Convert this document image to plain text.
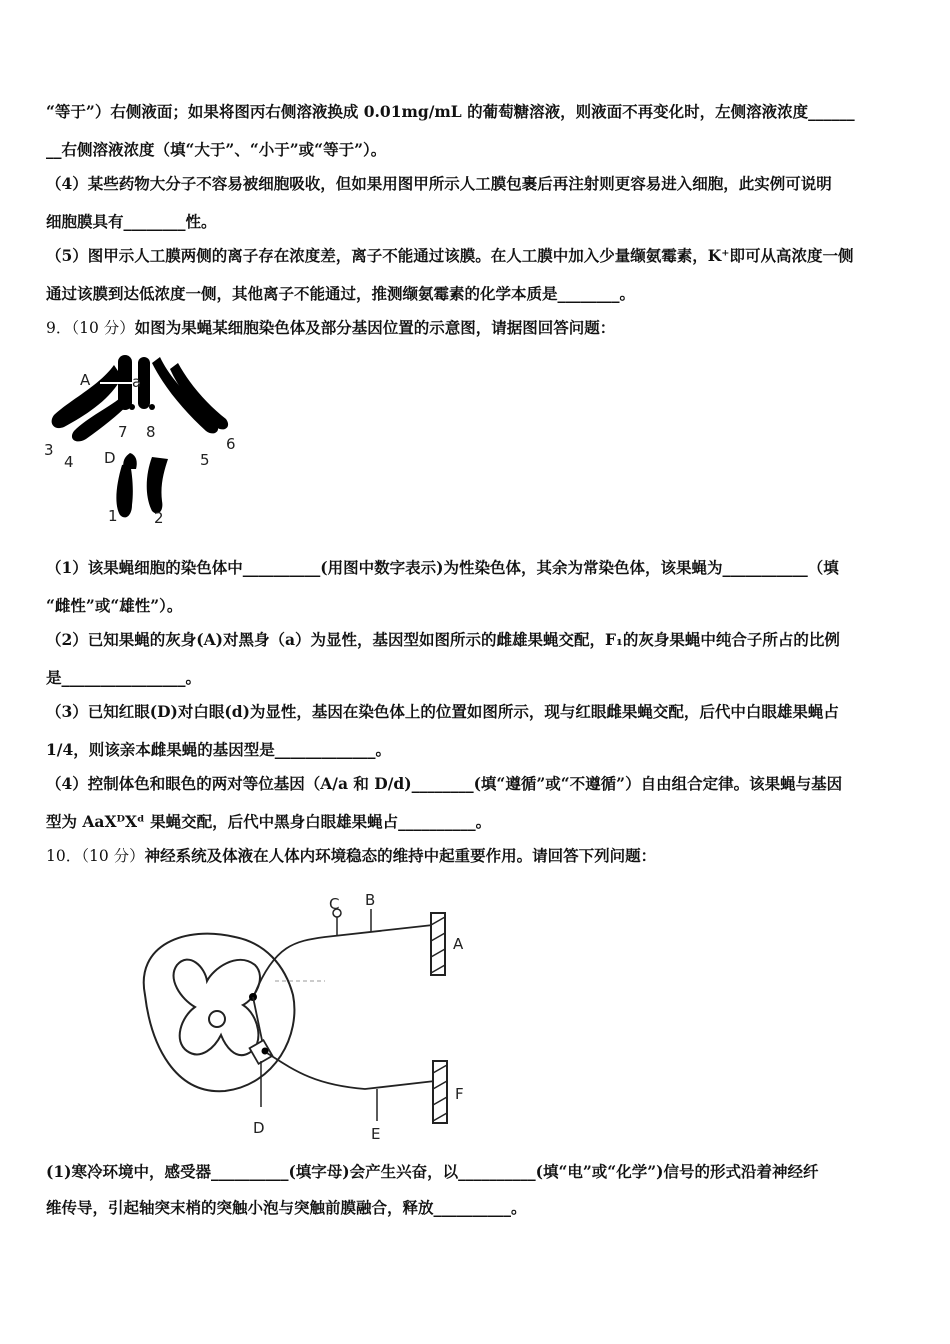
“等于”）右侧液面；如果将图丙右侧溶液换成 0.01mg/mL 的葡萄糖溶液，则液面不再变化时，左侧溶液浓度______
__右侧溶液浓度（填“大于”、“小于”或“等于”）。
（4）某些药物大分子不容易被细胞吸收，但如果用图甲所示人工膜包裹后再注射则更容易进入细胞，此实例可说明
细胞膜具有________性。
（5）图甲示人工膜两侧的离子存在浓度差，离子不能通过该膜。在人工膜中加入少量缬氨霉素，K⁺即可从高浓度一侧
通过该膜到达低浓度一侧，其他离子不能通过，推测缬氨霉素的化学本质是________。
9．（10 分）如图为果蝇某细胞染色体及部分基因位置的示意图，请据图回答问题：
A	a
7 8
3
4 D	5
6
1 2
（1）该果蝇细胞的染色体中__________(用图中数字表示)为性染色体，其余为常染色体，该果蝇为___________（填
“雌性”或“雄性”）。
（2）已知果蝇的灰身(A)对黑身（a）为显性，基因型如图所示的雌雄果蝇交配，F₁的灰身果蝇中纯合子所占的比例
是________________。
（3）已知红眼(D)对白眼(d)为显性，基因在染色体上的位置如图所示，现与红眼雌果蝇交配，后代中白眼雄果蝇占
1/4，则该亲本雌果蝇的基因型是_____________。
（4）控制体色和眼色的两对等位基因（A/a 和 D/d)________(填“遵循”或“不遵循”）自由组合定律。该果蝇与基因
型为 AaXᴰXᵈ 果蝇交配，后代中黑身白眼雄果蝇占__________。
10．（10 分）神经系统及体液在人体内环境稳态的维持中起重要作用。请回答下列问题：
C B
A
F
D	E
(1)寒冷环境中，感受器__________(填字母)会产生兴奋，以__________(填“电”或“化学”)信号的形式沿着神经纤
维传导，引起轴突末梢的突触小泡与突触前膜融合，释放__________。
